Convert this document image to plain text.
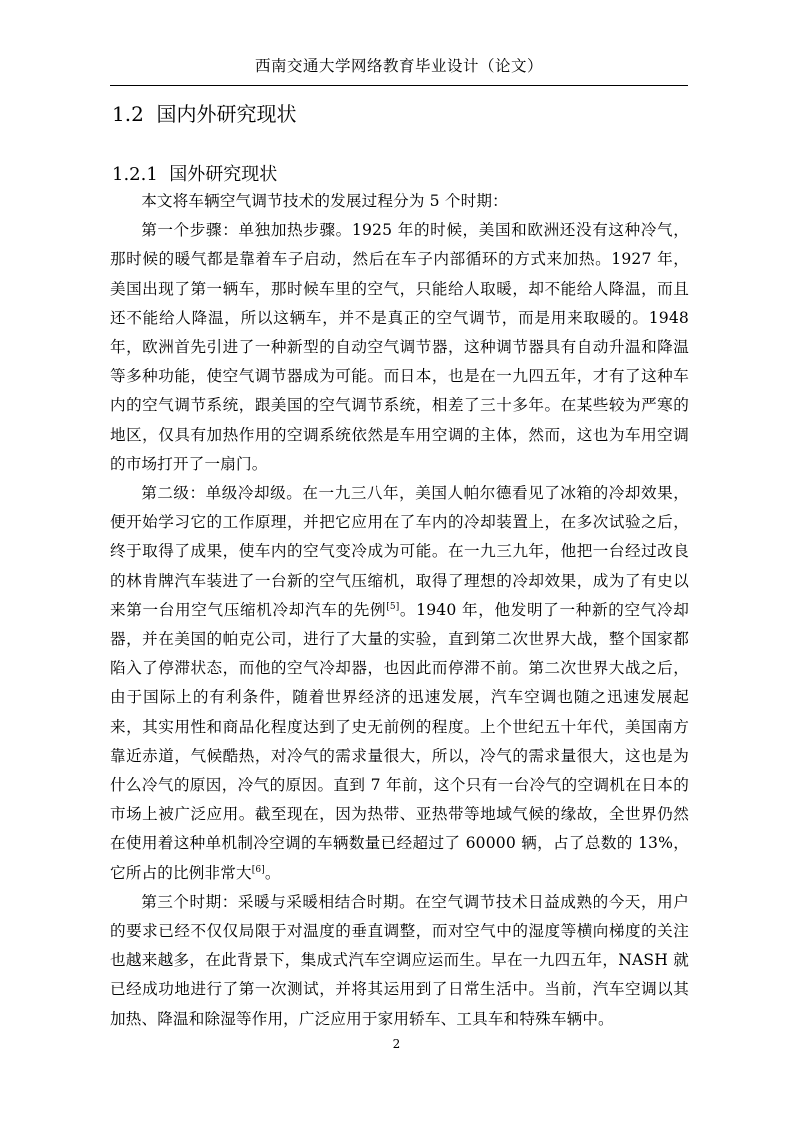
西南交通大学网络教育毕业设计（论文）
1.2 国内外研究现状
1.2.1 国外研究现状

本文将车辆空气调节技术的发展过程分为 5 个时期：

第一个步骤：单独加热步骤。1925 年的时候，美国和欧洲还没有这种冷气，那时候的暖气都是靠着车子启动，然后在车子内部循环的方式来加热。1927 年，美国出现了第一辆车，那时候车里的空气，只能给人取暖，却不能给人降温，而且还不能给人降温，所以这辆车，并不是真正的空气调节，而是用来取暖的。1948 年，欧洲首先引进了一种新型的自动空气调节器，这种调节器具有自动升温和降温等多种功能，使空气调节器成为可能。而日本，也是在一九四五年，才有了这种车内的空气调节系统，跟美国的空气调节系统，相差了三十多年。在某些较为严寒的地区，仅具有加热作用的空调系统依然是车用空调的主体，然而，这也为车用空调的市场打开了一扇门。

第二级：单级冷却级。在一九三八年，美国人帕尔德看见了冰箱的冷却效果，便开始学习它的工作原理，并把它应用在了车内的冷却装置上，在多次试验之后，终于取得了成果，使车内的空气变冷成为可能。在一九三九年，他把一台经过改良的林肯牌汽车装进了一台新的空气压缩机，取得了理想的冷却效果，成为了有史以来第一台用空气压缩机冷却汽车的先例[5]。1940 年，他发明了一种新的空气冷却器，并在美国的帕克公司，进行了大量的实验，直到第二次世界大战，整个国家都陷入了停滞状态，而他的空气冷却器，也因此而停滞不前。第二次世界大战之后，由于国际上的有利条件，随着世界经济的迅速发展，汽车空调也随之迅速发展起来，其实用性和商品化程度达到了史无前例的程度。上个世纪五十年代，美国南方靠近赤道，气候酷热，对冷气的需求量很大，所以，冷气的需求量很大，这也是为什么冷气的原因，冷气的原因。直到 7 年前，这个只有一台冷气的空调机在日本的市场上被广泛应用。截至现在，因为热带、亚热带等地域气候的缘故，全世界仍然在使用着这种单机制冷空调的车辆数量已经超过了 60000 辆，占了总数的 13%，它所占的比例非常大[6]。

第三个时期：采暖与采暖相结合时期。在空气调节技术日益成熟的今天，用户的要求已经不仅仅局限于对温度的垂直调整，而对空气中的湿度等横向梯度的关注也越来越多，在此背景下，集成式汽车空调应运而生。早在一九四五年，NASH 就已经成功地进行了第一次测试，并将其运用到了日常生活中。当前，汽车空调以其加热、降温和除湿等作用，广泛应用于家用轿车、工具车和特殊车辆中。

2
